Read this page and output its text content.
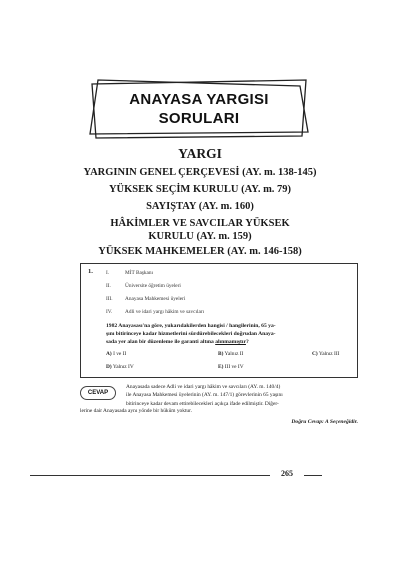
ANAYASA YARGISI
SORULARI
YARGI
YARGININ GENEL ÇERÇEVESİ (AY. m. 138-145)
YÜKSEK SEÇİM KURULU (AY. m. 79)
SAYIŞTAY (AY. m. 160)
HÂKİMLER VE SAVCILAR YÜKSEK
KURULU (AY. m. 159)
YÜKSEK MAHKEMELER (AY. m. 146-158)
1. I.	MİT Başkanı
II.	Üniversite öğretim üyeleri
III.	Anayasa Mahkemesi üyeleri
IV.	Adli ve idari yargı hâkim ve savcıları
1982 Anayasası'na göre, yukarıdakilerden hangisi / hangilerinin, 65 ya-
şını bitirinceye kadar hizmetlerini sürdürebilecekleri doğrudan Anaya-
sada yer alan bir düzenleme ile garanti altına alınmamıştır?
A) I ve II	B) Yalnız II	C) Yalnız III
D) Yalnız IV	E) III ve IV
CEVAP
Anayasada sadece Adli ve idari yargı hâkim ve savcıları (AY. m. 140/4)
ile Anayasa Mahkemesi üyelerinin (AY. m. 147/1) görevlerinin 65 yaşını
bitirinceye kadar devam ettirebilecekleri açıkça ifade edilmiştir. Diğer-
lerine dair Anayasada aynı yönde bir hüküm yoktur.
Doğru Cevap: A Seçeneğidir.
265
